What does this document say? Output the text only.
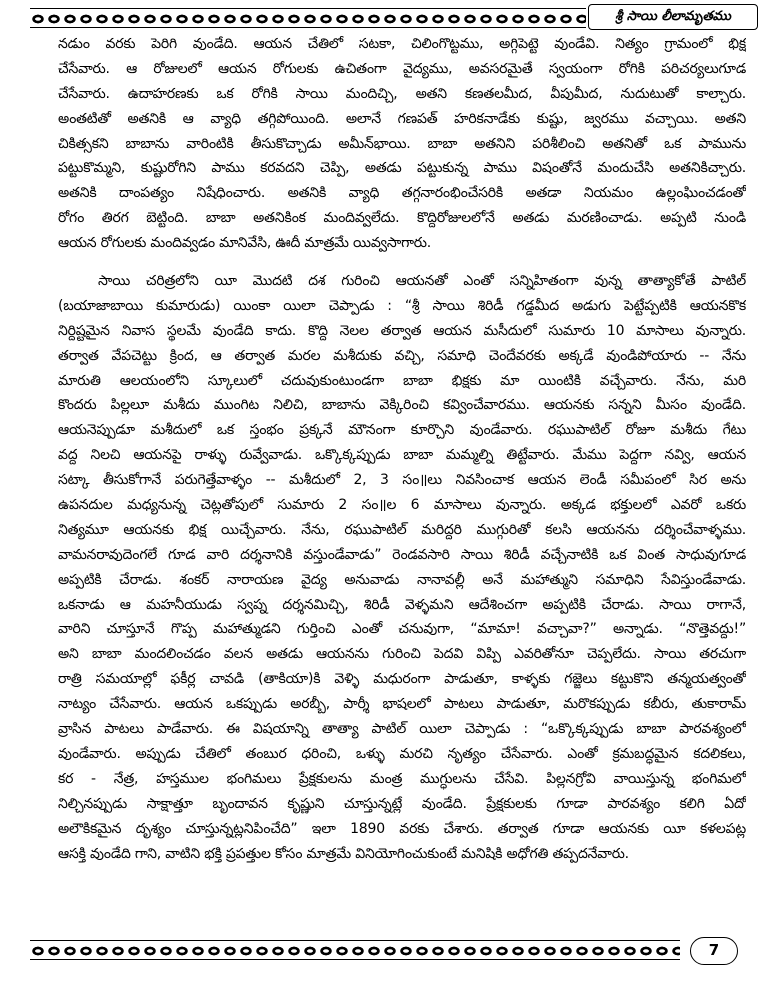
శ్రీ సాయి లీలామృతము
నడుం వరకు పెరిగి వుండేది. ఆయన చేతిలో సటకా, చిలింగొట్టము, అగ్గిపెట్టె వుండేవి. నిత్యం గ్రామంలో భిక్ష
చేసేవారు. ఆ రోజులలో ఆయన రోగులకు ఉచితంగా వైద్యము, అవసరమైతే స్వయంగా రోగికి పరిచర్యలుగూడ
చేసేవారు. ఉదాహరణకు ఒక రోగికి సాయి మందిచ్చి, అతని కణతలమీద, వీపుమీద, నుదుటుతో కాల్చారు.
అంతటితో అతనికి ఆ వ్యాధి తగ్గిపోయింది. అలానే గణపత్ హరికనాడేకు కుష్టు, జ్వరము వచ్చాయి. అతని
చికిత్సకని బాబాను వారింటికి తీసుకొచ్చాడు అమీన్‌భాయి. బాబా అతనిని పరిశీలించి అతనితో ఒక పామును
పట్టుకొమ్మని, కుష్టురోగిని పాము కరవదని చెప్పి, అతడు పట్టుకున్న పాము విషంతోనే మందుచేసి అతనికిచ్చారు.
అతనికి దాంపత్యం నిషేధించారు. అతనికి వ్యాధి తగ్గనారంభించేసరికి అతడా నియమం ఉల్లంఘించడంతో
రోగం తిరగ బెట్టింది. బాబా అతనికింక మందివ్వలేదు. కొద్దిరోజులలోనే అతడు మరణించాడు. అప్పటి నుండి
ఆయన రోగులకు మందివ్వడం మానివేసి, ఊదీ మాత్రమే యివ్వసాగారు.
సాయి చరిత్రలోని యీ మొదటి దశ గురించి ఆయనతో ఎంతో సన్నిహితంగా వున్న తాత్యాకోతే పాటిల్
(బయాజాబాయి కుమారుడు) యింకా యిలా చెప్పాడు : “శ్రీ సాయి శిరిడీ గడ్డమీద అడుగు పెట్టేప్పటికి ఆయనకొక
నిర్దిష్టమైన నివాస స్థలమే వుండేది కాదు. కొద్ది నెలల తర్వాత ఆయన మసీదులో సుమారు 10 మాసాలు వున్నారు.
తర్వాత వేపచెట్టు క్రింద, ఆ తర్వాత మరల మశీదుకు వచ్చి, సమాధి చెందేవరకు అక్కడే వుండిపోయారు -- నేను
మారుతి ఆలయంలోని స్కూలులో చదువుకుంటుండగా బాబా భిక్షకు మా యింటికి వచ్చేవారు. నేను, మరి
కొందరు పిల్లలూ మశీదు ముంగిట నిలిచి, బాబాను వెక్కిరించి కవ్వించేవారము. ఆయనకు సన్నని మీసం వుండేది.
ఆయనెప్పుడూ మశీదులో ఒక స్తంభం ప్రక్కనే మౌనంగా కూర్చొని వుండేవారు. రఘుపాటిల్ రోజూ మశీదు గేటు
వద్ద నిలచి ఆయనపై రాళ్ళు రువ్వేవాడు. ఒక్కొక్కప్పుడు బాబా మమ్మల్ని తిట్టేవారు. మేము పెద్దగా నవ్వి, ఆయన
సట్కా తీసుకోగానే పరుగెత్తేవాళ్ళం -- మశీదులో 2, 3 సం॥లు నివసించాక ఆయన లెండీ సమీపంలో సిర అను
ఉపనదుల మధ్యనున్న చెట్లతోపులో సుమారు 2 సం॥ల 6 మాసాలు వున్నారు. అక్కడ భక్తులలో ఎవరో ఒకరు
నిత్యమూ ఆయనకు భిక్ష యిచ్చేవారు. నేను, రఘుపాటిల్ మరిద్దరి ముగ్గురితో కలసి ఆయనను దర్శించేవాళ్ళము.
వామనరావుదెంగలే గూడ వారి దర్శనానికి వస్తుండేవాడు” రెండవసారి సాయి శిరిడీ వచ్చేనాటికి ఒక వింత సాధువుగూడ
అప్పటికి చేరాడు. శంకర్ నారాయణ వైద్య అనువాడు నానావల్లీ అనే మహాత్ముని సమాధిని సేవిస్తుండేవాడు.
ఒకనాడు ఆ మహనీయుడు స్వప్న దర్శనమిచ్చి, శిరిడీ వెళ్ళమని ఆదేశించగా అప్పటికి చేరాడు. సాయి రాగానే,
వారిని చూస్తూనే గొప్ప మహాత్ముడని గుర్తించి ఎంతో చనువుగా, “మామా! వచ్చావా?” అన్నాడు. “నొత్తెవద్దు!”
అని బాబా మందలించడం వలన అతడు ఆయనను గురించి పెదవి విప్పి ఎవరితోనూ చెప్పలేదు. సాయి తరచుగా
రాత్రి సమయాల్లో ఫకీర్ల చావడి (తాకియా)కి వెళ్ళి మధురంగా పాడుతూ, కాళ్ళకు గజ్జెలు కట్టుకొని తన్మయత్వంతో
నాట్యం చేసేవారు. ఆయన ఒకప్పుడు అరబ్బీ, పార్శీ భాషలలో పాటలు పాడుతూ, మరొకప్పుడు కబీరు, తుకారామ్
వ్రాసిన పాటలు పాడేవారు. ఈ విషయాన్ని తాత్యా పాటిల్ యిలా చెప్పాడు : “ఒక్కొక్కప్పుడు బాబా పారవశ్యంలో
వుండేవారు. అప్పుడు చేతిలో తంబుర ధరించి, ఒళ్ళు మరచి నృత్యం చేసేవారు. ఎంతో క్రమబద్ధమైన కదలికలు,
కర - నేత్ర, హస్తముల భంగిమలు ప్రేక్షకులను మంత్ర ముగ్ధులను చేసేవి. పిల్లనగ్రోవి వాయిస్తున్న భంగిమలో
నిల్చినప్పుడు సాక్షాత్తూ బృందావన కృష్ణుని చూస్తున్నట్లే వుండేది. ప్రేక్షకులకు గూడా పారవశ్యం కలిగి ఏదో
అలౌకికమైన దృశ్యం చూస్తున్నట్లనిపించేది” ఇలా 1890 వరకు చేశారు. తర్వాత గూడా ఆయనకు యీ కళలపట్ల
ఆసక్తి వుండేది గాని, వాటిని భక్తి ప్రపత్తుల కోసం మాత్రమే వినియోగించుకుంటే మనిషికి అధోగతి తప్పదనేవారు.
7
